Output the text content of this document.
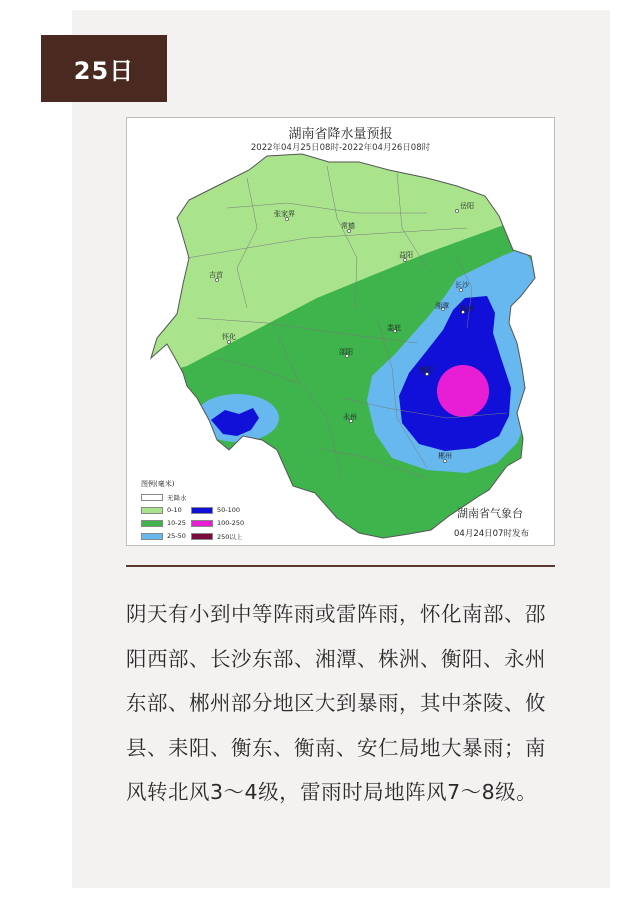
25日
湖南省降水量预报
2022年04月25日08时-2022年04月26日08时
岳阳
张家界
常德
益阳
吉首
长沙
湘潭 株洲
娄底
怀化
邵阳
衡阳
永州
郴州
图例(毫米)
无降水
0-10
10-25
25-50
50-100
100-250
250以上
湖南省气象台
04月24日07时发布
阴天有小到中等阵雨或雷阵雨，怀化南部、邵阳西部、长沙东部、湘潭、株洲、衡阳、永州东部、郴州部分地区大到暴雨，其中茶陵、攸县、耒阳、衡东、衡南、安仁局地大暴雨；南风转北风3～4级，雷雨时局地阵风7～8级。
